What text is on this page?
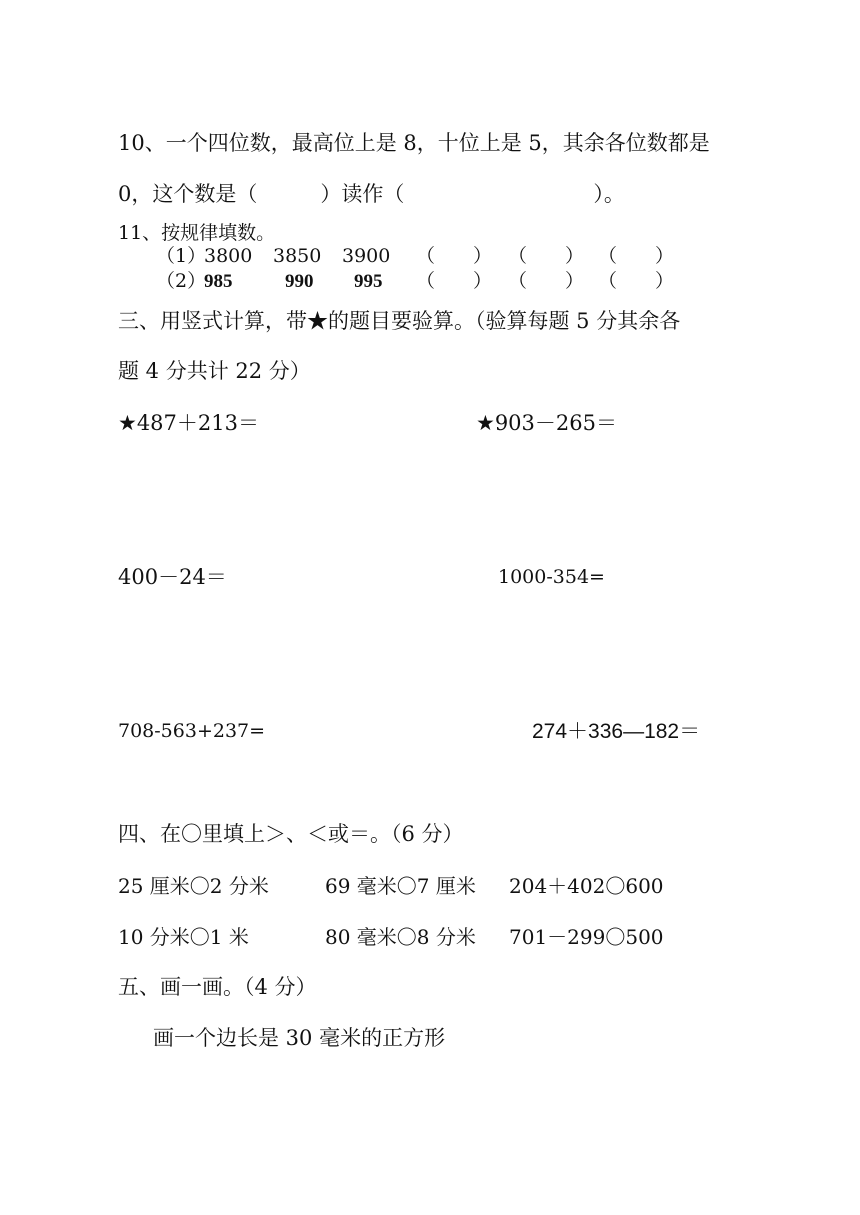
10、一个四位数，最高位上是 8，十位上是 5，其余各位数都是
0，这个数是（　　　）读作（　　　　　　　　　）。
11、按规律填数。
（1）
3800 3850 3900 （　　） （　　） （　　）
（2）
985	990 995 （　　） （　　） （　　）
三、用竖式计算，带★的题目要验算。（验算每题 5 分其余各
题 4 分共计 22 分）
★487＋213＝	★903－265＝
400－24＝	1000-354=
708-563+237=	274＋336—182＝
四、在〇里填上＞、＜或＝。（6 分）
25 厘米〇2 分米	69 毫米〇7 厘米 204＋402〇600
10 分米〇1 米	80 毫米〇8 分米 701－299〇500
五、画一画。（4 分）
画一个边长是 30 毫米的正方形
